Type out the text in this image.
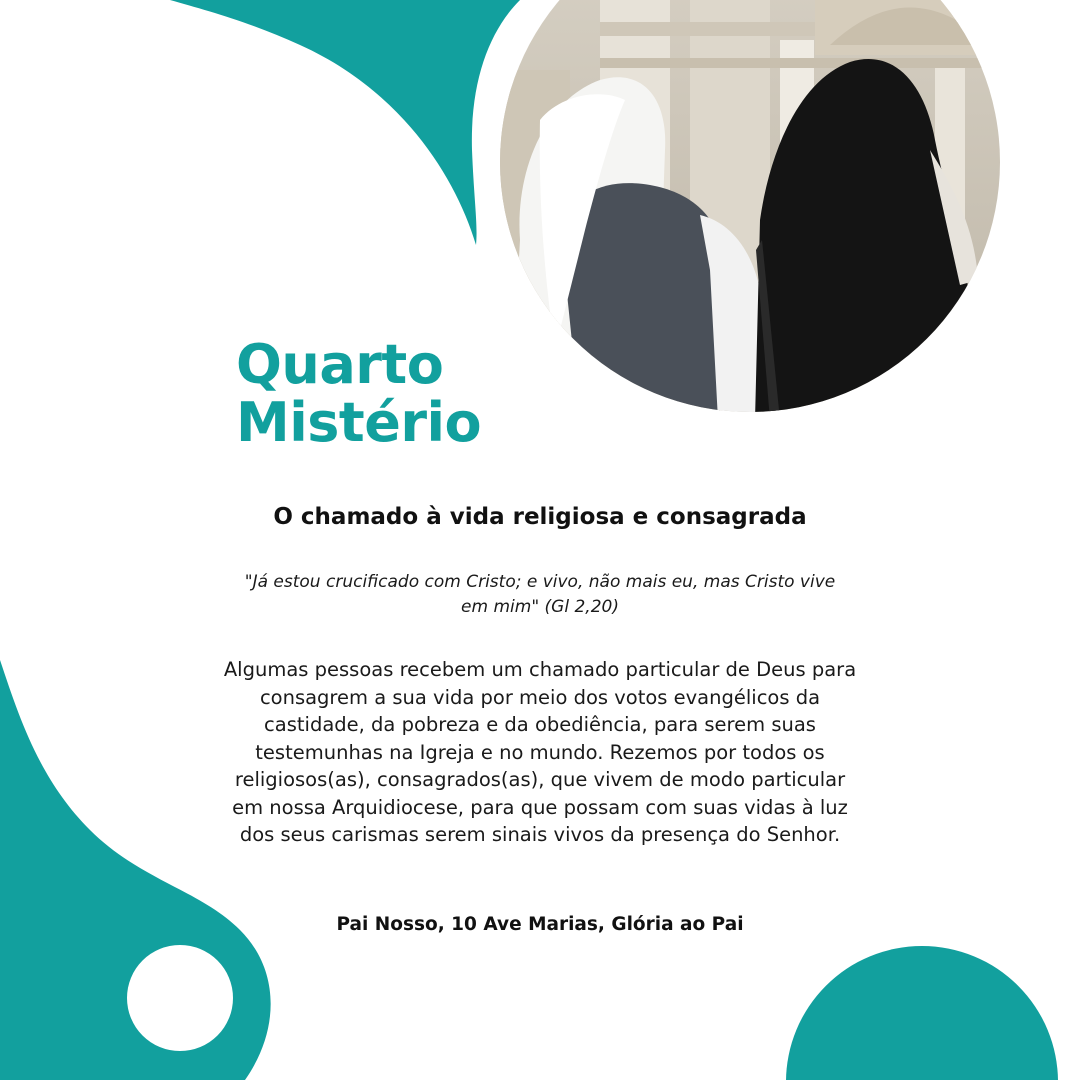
Quarto
Mistério
O chamado à vida religiosa e consagrada

"Já estou crucificado com Cristo; e vivo, não mais eu, mas Cristo vive em mim" (Gl 2,20)

Algumas pessoas recebem um chamado particular de Deus para consagrem a sua vida por meio dos votos evangélicos da castidade, da pobreza e da obediência, para serem suas testemunhas na Igreja e no mundo. Rezemos por todos os religiosos(as), consagrados(as), que vivem de modo particular em nossa Arquidiocese, para que possam com suas vidas à luz dos seus carismas serem sinais vivos da presença do Senhor.

Pai Nosso, 10 Ave Marias, Glória ao Pai
